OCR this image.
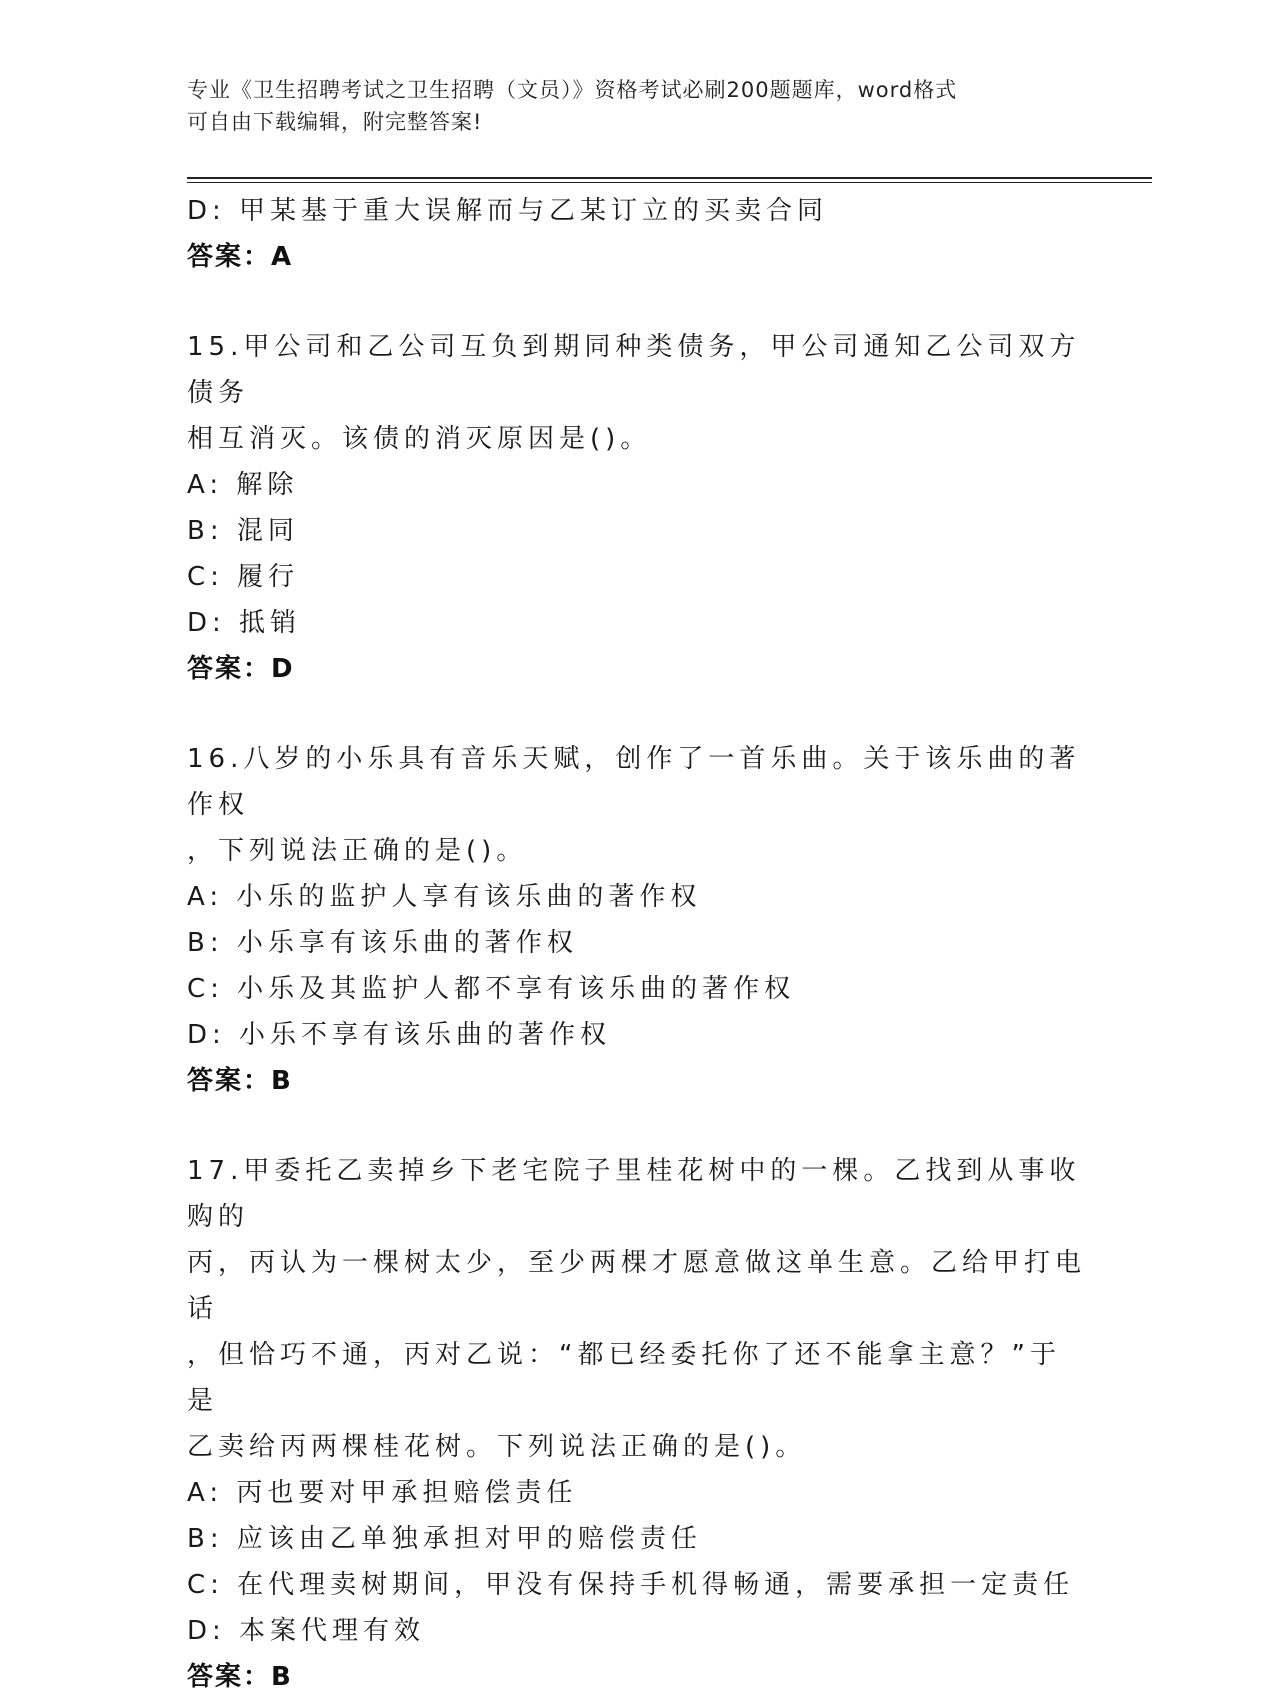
专业《卫生招聘考试之卫生招聘（文员）》资格考试必刷200题题库，word格式
可自由下载编辑，附完整答案!
D: 甲某基于重大误解而与乙某订立的买卖合同
答案：A
15.甲公司和乙公司互负到期同种类债务，甲公司通知乙公司双方债务
相互消灭。该债的消灭原因是()。
A: 解除
B: 混同
C: 履行
D: 抵销
答案：D
16.八岁的小乐具有音乐天赋，创作了一首乐曲。关于该乐曲的著作权
，下列说法正确的是()。
A: 小乐的监护人享有该乐曲的著作权
B: 小乐享有该乐曲的著作权
C: 小乐及其监护人都不享有该乐曲的著作权
D: 小乐不享有该乐曲的著作权
答案：B
17.甲委托乙卖掉乡下老宅院子里桂花树中的一棵。乙找到从事收购的
丙，丙认为一棵树太少，至少两棵才愿意做这单生意。乙给甲打电话
，但恰巧不通，丙对乙说：“都已经委托你了还不能拿主意？”于是
乙卖给丙两棵桂花树。下列说法正确的是()。
A: 丙也要对甲承担赔偿责任
B: 应该由乙单独承担对甲的赔偿责任
C: 在代理卖树期间，甲没有保持手机得畅通，需要承担一定责任
D: 本案代理有效
答案：B
